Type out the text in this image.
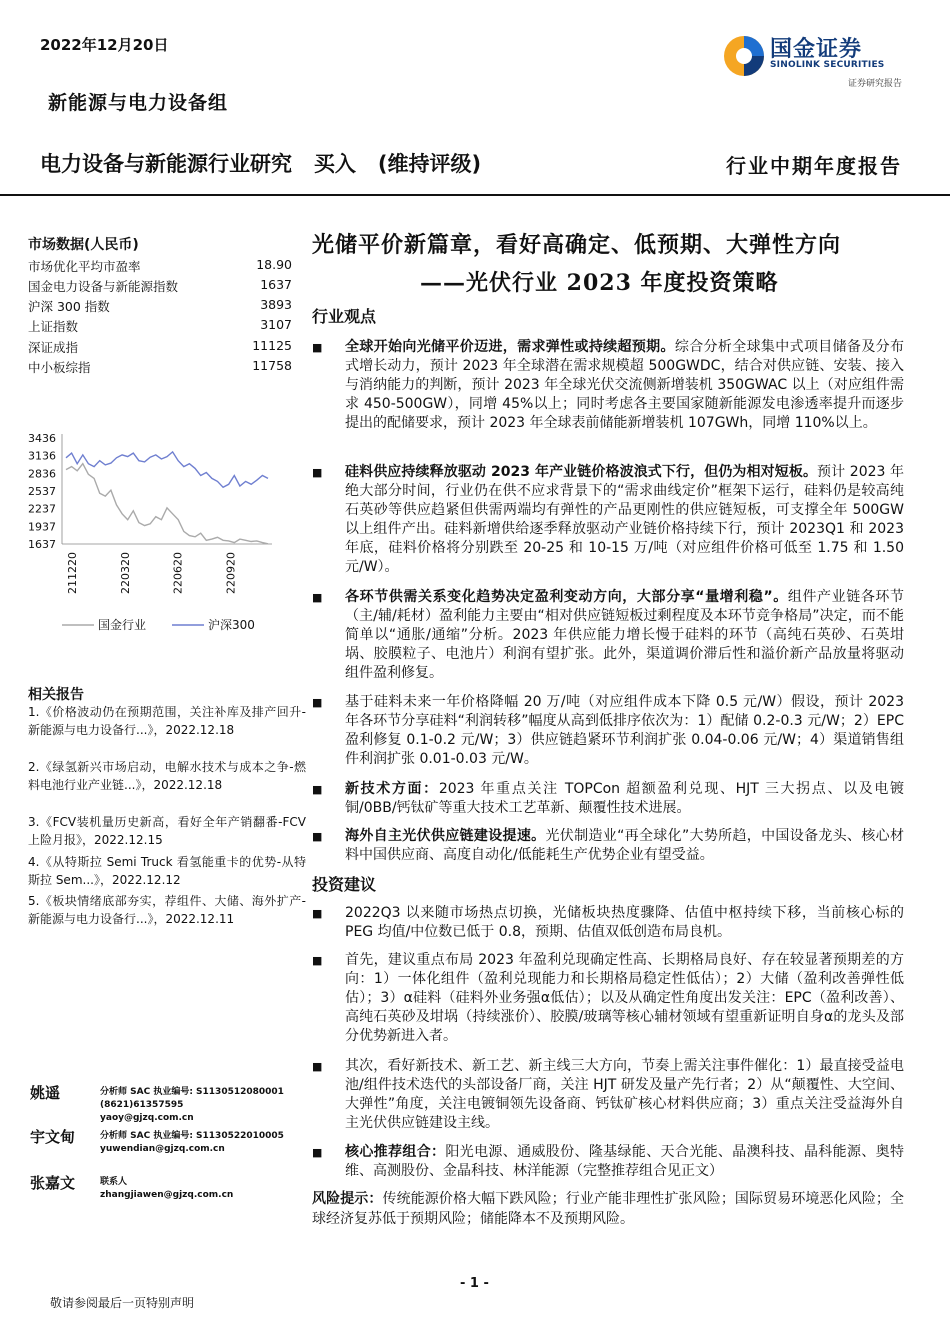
2022年12月20日
新能源与电力设备组
国金证券
SINOLINK SECURITIES
证券研究报告
电力设备与新能源行业研究   买入   (维持评级)	行业中期年度报告
市场数据(人民币)
市场优化平均市盈率	18.90
国金电力设备与新能源指数	1637
沪深 300 指数	3893
上证指数	3107
深证成指	11125
中小板综指	11758
3436
3136
2836
2537
2237
1937
1637
211220	220320	220620	220920
国金行业	沪深300
相关报告
1.《价格波动仍在预期范围，关注补库及排产回升-新能源与电力设备行...》，2022.12.18
2.《绿氢新兴市场启动，电解水技术与成本之争-燃料电池行业产业链...》，2022.12.18
3.《FCV装机量历史新高，看好全年产销翻番-FCV上险月报》，2022.12.15
4.《从特斯拉 Semi Truck 看氢能重卡的优势-从特斯拉 Sem...》，2022.12.12
5.《板块情绪底部夯实，荐组件、大储、海外扩产-新能源与电力设备行...》，2022.12.11
姚遥	分析师 SAC 执业编号: S1130512080001
(8621)61357595
yaoy@gjzq.com.cn
宇文甸	分析师 SAC 执业编号: S1130522010005
yuwendian@gjzq.com.cn
张嘉文	联系人
zhangjiawen@gjzq.com.cn
光储平价新篇章，看好高确定、低预期、大弹性方向
——光伏行业 2023 年度投资策略
行业观点
■ 全球开始向光储平价迈进，需求弹性或持续超预期。综合分析全球集中式项目储备及分布式增长动力，预计 2023 年全球潜在需求规模超 500GWDC，结合对供应链、安装、接入与消纳能力的判断，预计 2023 年全球光伏交流侧新增装机 350GWAC 以上（对应组件需求 450-500GW），同增 45%以上；同时考虑各主要国家随新能源发电渗透率提升而逐步提出的配储要求，预计 2023 年全球表前储能新增装机 107GWh，同增 110%以上。
■ 硅料供应持续释放驱动 2023 年产业链价格波浪式下行，但仍为相对短板。预计 2023 年绝大部分时间，行业仍在供不应求背景下的“需求曲线定价”框架下运行，硅料仍是较高纯石英砂等供应趋紧但供需两端均有弹性的产品更刚性的供应链短板，可支撑全年 500GW 以上组件产出。硅料新增供给逐季释放驱动产业链价格持续下行，预计 2023Q1 和 2023 年底，硅料价格将分别跌至 20-25 和 10-15 万/吨（对应组件价格可低至 1.75 和 1.50 元/W）。
■ 各环节供需关系变化趋势决定盈利变动方向，大部分享“量增利稳”。组件产业链各环节（主/辅/耗材）盈利能力主要由“相对供应链短板过剩程度及本环节竞争格局”决定，而不能简单以“通胀/通缩”分析。2023 年供应能力增长慢于硅料的环节（高纯石英砂、石英坩埚、胶膜粒子、电池片）利润有望扩张。此外，渠道调价滞后性和溢价新产品放量将驱动组件盈利修复。
■ 基于硅料未来一年价格降幅 20 万/吨（对应组件成本下降 0.5 元/W）假设，预计 2023 年各环节分享硅料“利润转移”幅度从高到低排序依次为：1）配储 0.2-0.3 元/W；2）EPC 盈利修复 0.1-0.2 元/W；3）供应链趋紧环节利润扩张 0.04-0.06 元/W；4）渠道销售组件利润扩张 0.01-0.03 元/W。
■ 新技术方面：2023 年重点关注 TOPCon 超额盈利兑现、HJT 三大拐点、以及电镀铜/0BB/钙钛矿等重大技术工艺革新、颠覆性技术进展。
■ 海外自主光伏供应链建设提速。光伏制造业“再全球化”大势所趋，中国设备龙头、核心材料中国供应商、高度自动化/低能耗生产优势企业有望受益。
投资建议
■ 2022Q3 以来随市场热点切换，光储板块热度骤降、估值中枢持续下移，当前核心标的 PEG 均值/中位数已低于 0.8，预期、估值双低创造布局良机。
■ 首先，建议重点布局 2023 年盈利兑现确定性高、长期格局良好、存在较显著预期差的方向：1）一体化组件（盈利兑现能力和长期格局稳定性低估）；2）大储（盈利改善弹性低估）；3）α硅料（硅料外业务强α低估）；以及从确定性角度出发关注：EPC（盈利改善）、高纯石英砂及坩埚（持续涨价）、胶膜/玻璃等核心辅材领域有望重新证明自身α的龙头及部分优势新进入者。
■ 其次，看好新技术、新工艺、新主线三大方向，节奏上需关注事件催化：1）最直接受益电池/组件技术迭代的头部设备厂商，关注 HJT 研发及量产先行者；2）从“颠覆性、大空间、大弹性”角度，关注电镀铜领先设备商、钙钛矿核心材料供应商；3）重点关注受益海外自主光伏供应链建设主线。
■ 核心推荐组合：阳光电源、通威股份、隆基绿能、天合光能、晶澳科技、晶科能源、奥特维、高测股份、金晶科技、林洋能源（完整推荐组合见正文）
风险提示：传统能源价格大幅下跌风险；行业产能非理性扩张风险；国际贸易环境恶化风险；全球经济复苏低于预期风险；储能降本不及预期风险。
- 1 -
敬请参阅最后一页特别声明
